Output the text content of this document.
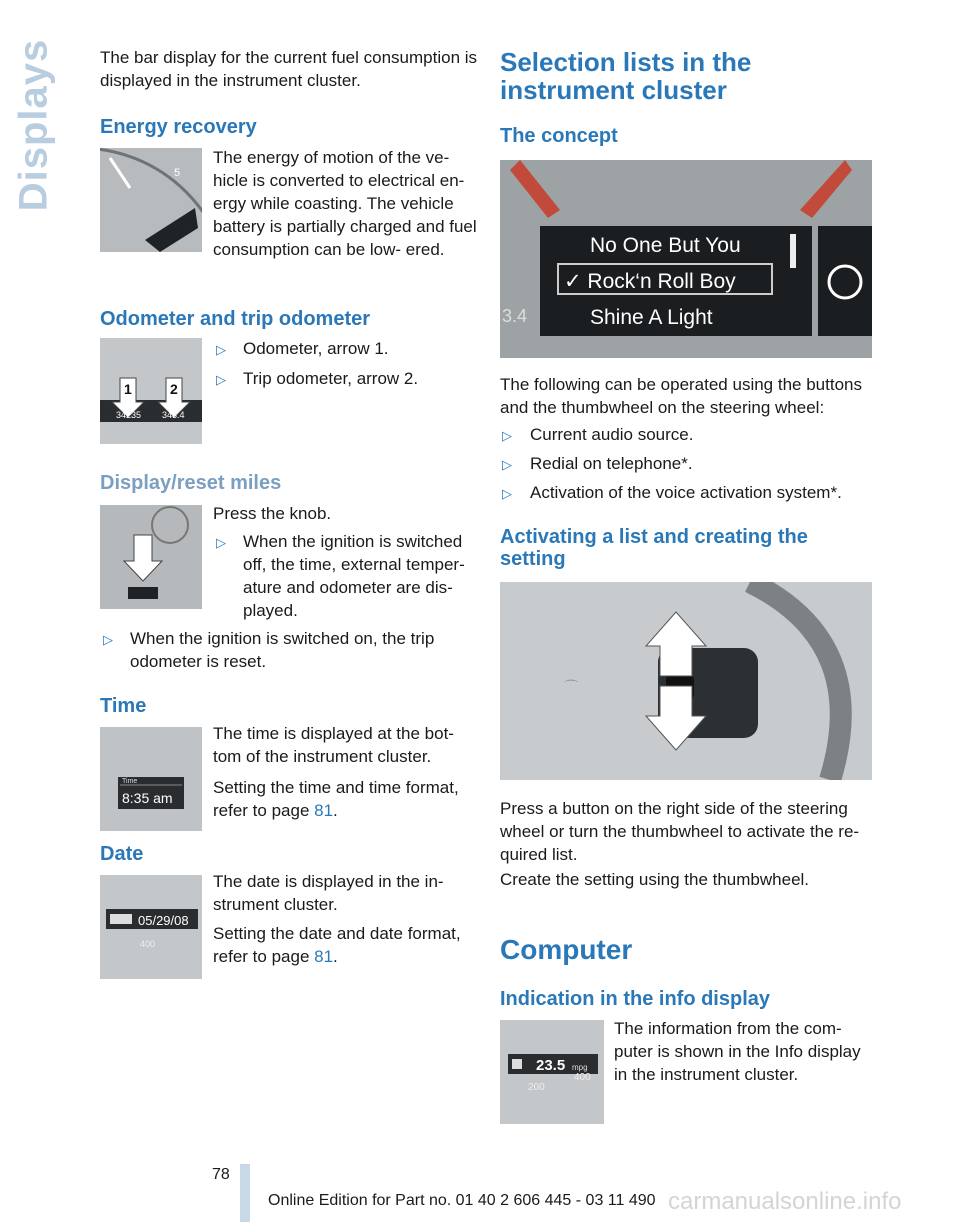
Displays	The bar display for the current fuel consumption is displayed in the instrument cluster.
Energy recovery
5
The energy of motion of the ve- hicle is converted to electrical en- ergy while coasting. The vehicle battery is partially charged and fuel consumption can be low- ered.
Odometer and trip odometer
1	2
34235 343.4
▷ Odometer, arrow 1.
▷ Trip odometer, arrow 2.
Display/reset miles
Press the knob.
▷ When the ignition is switched off, the time, external temper- ature and odometer are dis- played.
▷ When the ignition is switched on, the trip odometer is reset.
Time
Time
8:35 am
The time is displayed at the bot- tom of the instrument cluster.
Setting the time and time format, refer to page 81.
Date
05/29/08
400
The date is displayed in the in- strument cluster.
Setting the date and date format, refer to page 81.
Selection lists in the instrument cluster
The concept
No One But You
✓ Rock‘n Roll Boy
Shine A Light
3.4
The following can be operated using the buttons and the thumbwheel on the steering wheel:
▷ Current audio source.
▷ Redial on telephone*.
▷ Activation of the voice activation system*.
Activating a list and creating the setting
⌒
Press a button on the right side of the steering wheel or turn the thumbwheel to activate the re- quired list.
Create the setting using the thumbwheel.
Computer
Indication in the info display
23.5 mpg
200
400
The information from the com- puter is shown in the Info display in the instrument cluster.
78
Online Edition for Part no. 01 40 2 606 445 - 03 11 490 carmanualsonline.info
